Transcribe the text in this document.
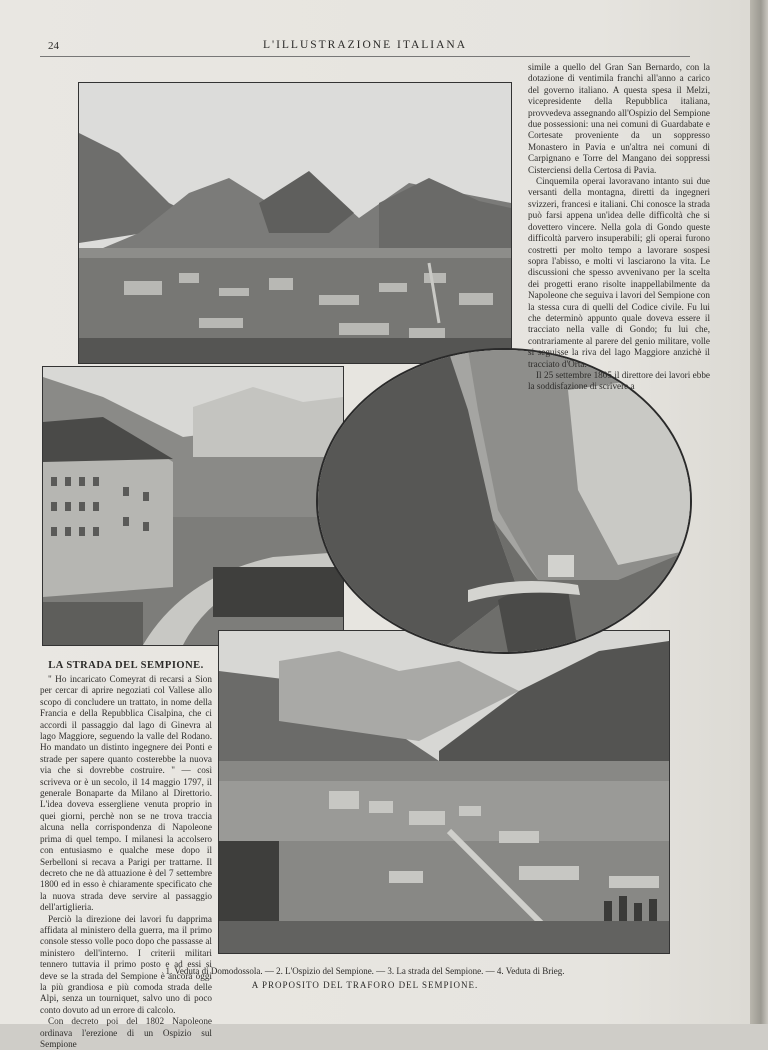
24	L'ILLUSTRAZIONE ITALIANA

simile a quello del Gran San Bernardo, con la dotazione di ventimila franchi all'anno a carico del governo italiano. A questa spesa il Melzi, vicepresidente della Repubblica italiana, provvedeva assegnando all'Ospizio del Sempione due possessioni: una nei comuni di Guardabate e Cortesate proveniente da un soppresso Monastero in Pavia e un'altra nei comuni di Carpignano e Torre del Mangano dei soppressi Cisterciensi della Certosa di Pavia.

Cinquemila operai lavoravano intanto sui due versanti della montagna, diretti da ingegneri svizzeri, francesi e italiani. Chi conosce la strada può farsi appena un'idea delle difficoltà che si dovettero vincere. Nella gola di Gondo queste difficoltà parvero insuperabili; gli operai furono costretti per molto tempo a lavorare sospesi sopra l'abisso, e molti vi lasciarono la vita. Le discussioni che spesso avvenivano per la scelta dei progetti erano risolte inappellabilmente da Napoleone che seguiva i lavori del Sempione con la stessa cura di quelli del Codice civile. Fu lui che determinò appunto quale doveva essere il tracciato nella valle di Gondo; fu lui che, contrariamente al parere del genio militare, volle si seguisse la riva del lago Maggiore anzichè il tracciato d'Orta.

Il 25 settembre 1805 il direttore dei lavori ebbe la soddisfazione di scrivere a

LA STRADA DEL SEMPIONE.

" Ho incaricato Comeyrat di recarsi a Sion per cercar di aprire negoziati col Vallese allo scopo di concludere un trattato, in nome della Francia e della Repubblica Cisalpina, che ci accordi il passaggio dal lago di Ginevra al lago Maggiore, seguendo la valle del Rodano. Ho mandato un distinto ingegnere dei Ponti e strade per sapere quanto costerebbe la nuova via che si dovrebbe costruire. " — così scriveva or è un secolo, il 14 maggio 1797, il generale Bonaparte da Milano al Direttorio. L'idea doveva essergliene venuta proprio in quei giorni, perchè non se ne trova traccia alcuna nella corrispondenza di Napoleone prima di quel tempo. I milanesi la accolsero con entusiasmo e qualche mese dopo il Serbelloni si recava a Parigi per trattarne. Il decreto che ne dà attuazione è del 7 settembre 1800 ed in esso è chiaramente specificato che la nuova strada deve servire al passaggio dell'artiglieria.

Perciò la direzione dei lavori fu dapprima affidata al ministero della guerra, ma il primo console stesso volle poco dopo che passasse al ministero dell'interno. I criterii militari tennero tuttavia il primo posto e ad essi si deve se la strada del Sempione è ancora oggi la più grandiosa e più comoda strada delle Alpi, senza un tourniquet, salvo uno di poco conto dovuto ad un errore di calcolo.

Con decreto poi del 1802 Napoleone ordinava l'erezione di un Ospizio sul Sempione

1. Veduta di Domodossola. — 2. L'Ospizio del Sempione. — 3. La strada del Sempione. — 4. Veduta di Brieg.
A PROPOSITO DEL TRAFORO DEL SEMPIONE.
